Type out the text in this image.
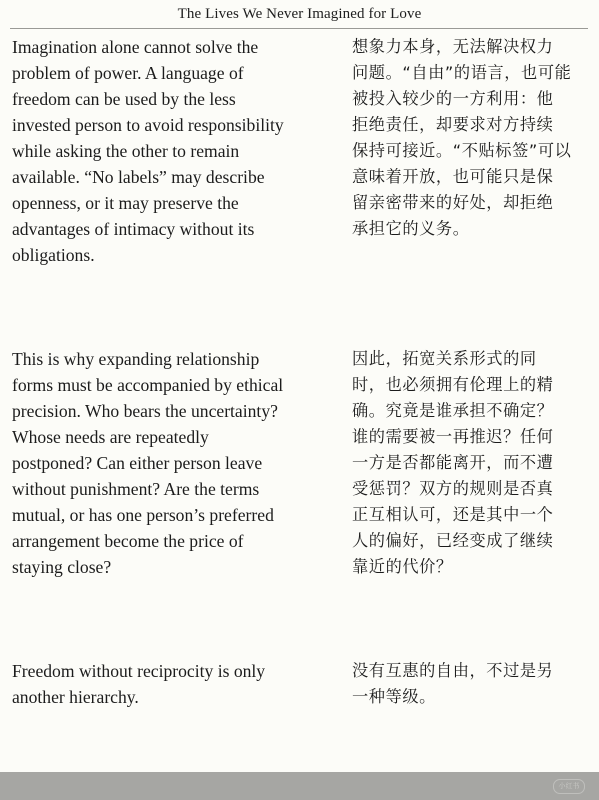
The Lives We Never Imagined for Love
Imagination alone cannot solve the
problem of power. A language of
freedom can be used by the less
invested person to avoid responsibility
while asking the other to remain
available. “No labels” may describe
openness, or it may preserve the
advantages of intimacy without its
obligations.
想象力本身，无法解决权力
问题。“自由”的语言，也可能
被投入较少的一方利用：他
拒绝责任，却要求对方持续
保持可接近。“不贴标签”可以
意味着开放，也可能只是保
留亲密带来的好处，却拒绝
承担它的义务。
This is why expanding relationship
forms must be accompanied by ethical
precision. Who bears the uncertainty?
Whose needs are repeatedly
postponed? Can either person leave
without punishment? Are the terms
mutual, or has one person’s preferred
arrangement become the price of
staying close?
因此，拓宽关系形式的同
时，也必须拥有伦理上的精
确。究竟是谁承担不确定？
谁的需要被一再推迟？任何
一方是否都能离开，而不遭
受惩罚？双方的规则是否真
正互相认可，还是其中一个
人的偏好，已经变成了继续
靠近的代价？
Freedom without reciprocity is only
another hierarchy.
没有互惠的自由，不过是另
一种等级。
小红书
